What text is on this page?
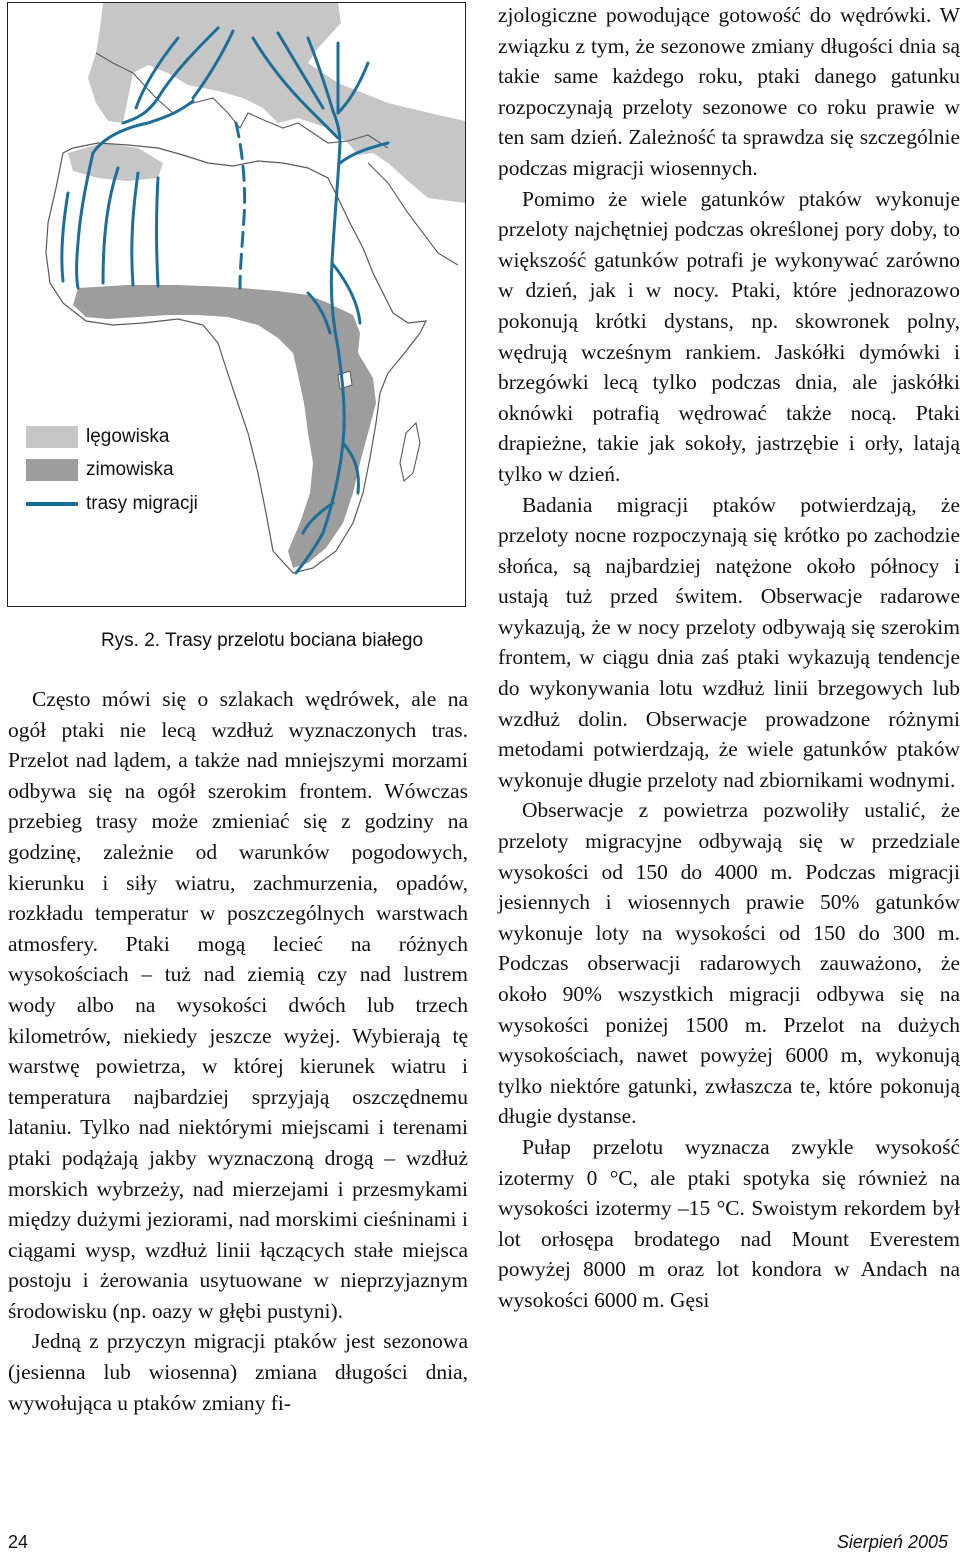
lęgowiska
zimowiska
trasy migracji
Rys. 2. Trasy przelotu bociana białego

Często mówi się o szlakach wędrówek, ale na ogół ptaki nie lecą wzdłuż wyznaczonych tras. Przelot nad lądem, a także nad mniejszymi morzami odbywa się na ogół szerokim frontem. Wówczas przebieg trasy może zmieniać się z godziny na godzinę, zależnie od warunków pogodowych, kierunku i siły wiatru, zachmurzenia, opadów, rozkładu temperatur w poszczególnych warstwach atmosfery. Ptaki mogą lecieć na różnych wysokościach – tuż nad ziemią czy nad lustrem wody albo na wysokości dwóch lub trzech kilometrów, niekiedy jeszcze wyżej. Wybierają tę warstwę powietrza, w której kierunek wiatru i temperatura najbardziej sprzyjają oszczędnemu lataniu. Tylko nad niektórymi miejscami i terenami ptaki podążają jakby wyznaczoną drogą – wzdłuż morskich wybrzeży, nad mierzejami i przesmykami między dużymi jeziorami, nad morskimi cieśninami i ciągami wysp, wzdłuż linii łączących stałe miejsca postoju i żerowania usytuowane w nieprzyjaznym środowisku (np. oazy w głębi pustyni).

Jedną z przyczyn migracji ptaków jest sezonowa (jesienna lub wiosenna) zmiana długości dnia, wywołująca u ptaków zmiany fi-

zjologiczne powodujące gotowość do wędrówki. W związku z tym, że sezonowe zmiany długości dnia są takie same każdego roku, ptaki danego gatunku rozpoczynają przeloty sezonowe co roku prawie w ten sam dzień. Zależność ta sprawdza się szczególnie podczas migracji wiosennych.

Pomimo że wiele gatunków ptaków wykonuje przeloty najchętniej podczas określonej pory doby, to większość gatunków potrafi je wykonywać zarówno w dzień, jak i w nocy. Ptaki, które jednorazowo pokonują krótki dystans, np. skowronek polny, wędrują wcześnym rankiem. Jaskółki dymówki i brzegówki lecą tylko podczas dnia, ale jaskółki oknówki potrafią wędrować także nocą. Ptaki drapieżne, takie jak sokoły, jastrzębie i orły, latają tylko w dzień.

Badania migracji ptaków potwierdzają, że przeloty nocne rozpoczynają się krótko po zachodzie słońca, są najbardziej natężone około północy i ustają tuż przed świtem. Obserwacje radarowe wykazują, że w nocy przeloty odbywają się szerokim frontem, w ciągu dnia zaś ptaki wykazują tendencje do wykonywania lotu wzdłuż linii brzegowych lub wzdłuż dolin. Obserwacje prowadzone różnymi metodami potwierdzają, że wiele gatunków ptaków wykonuje długie przeloty nad zbiornikami wodnymi.

Obserwacje z powietrza pozwoliły ustalić, że przeloty migracyjne odbywają się w przedziale wysokości od 150 do 4000 m. Podczas migracji jesiennych i wiosennych prawie 50% gatunków wykonuje loty na wysokości od 150 do 300 m. Podczas obserwacji radarowych zauważono, że około 90% wszystkich migracji odbywa się na wysokości poniżej 1500 m. Przelot na dużych wysokościach, nawet powyżej 6000 m, wykonują tylko niektóre gatunki, zwłaszcza te, które pokonują długie dystanse.

Pułap przelotu wyznacza zwykle wysokość izotermy 0 °C, ale ptaki spotyka się również na wysokości izotermy –15 °C. Swoistym rekordem był lot orłosępa brodatego nad Mount Everestem powyżej 8000 m oraz lot kondora w Andach na wysokości 6000 m. Gęsi

24	Sierpień 2005
